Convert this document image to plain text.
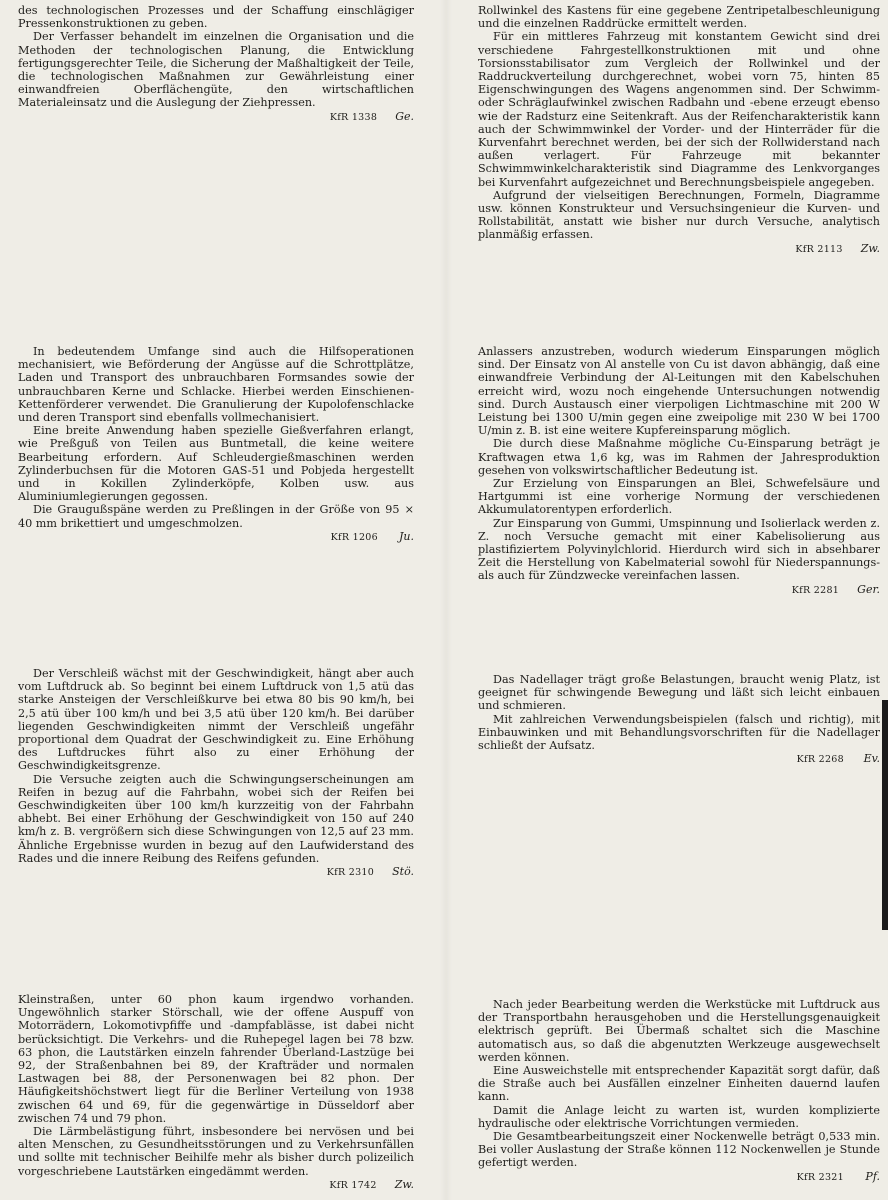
des technologischen Prozesses und der Schaffung einschlägiger Pressenkonstruktionen zu geben.

Der Verfasser behandelt im einzelnen die Organisation und die Methoden der technologischen Planung, die Entwicklung fertigungsgerechter Teile, die Sicherung der Maßhaltigkeit der Teile, die technologischen Maßnahmen zur Gewährleistung einer einwandfreien Oberflächengüte, den wirtschaftlichen Materialeinsatz und die Auslegung der Ziehpressen.

KfR 1338 Ge.

Rollwinkel des Kastens für eine gegebene Zentripetalbeschleunigung und die einzelnen Raddrücke ermittelt werden.

Für ein mittleres Fahrzeug mit konstantem Gewicht sind drei verschiedene Fahrgestellkonstruktionen mit und ohne Torsionsstabilisator zum Vergleich der Rollwinkel und der Raddruckverteilung durchgerechnet, wobei vorn 75, hinten 85 Eigenschwingungen des Wagens angenommen sind. Der Schwimm- oder Schräglaufwinkel zwischen Radbahn und -ebene erzeugt ebenso wie der Radsturz eine Seitenkraft. Aus der Reifencharakteristik kann auch der Schwimmwinkel der Vorder- und der Hinterräder für die Kurvenfahrt berechnet werden, bei der sich der Rollwiderstand nach außen verlagert. Für Fahrzeuge mit bekannter Schwimmwinkelcharakteristik sind Diagramme des Lenkvorganges bei Kurvenfahrt aufgezeichnet und Berechnungsbeispiele angegeben.

Aufgrund der vielseitigen Berechnungen, Formeln, Diagramme usw. können Konstrukteur und Versuchsingenieur die Kurven- und Rollstabilität, anstatt wie bisher nur durch Versuche, analytisch planmäßig erfassen.

KfR 2113 Zw.

In bedeutendem Umfange sind auch die Hilfsoperationen mechanisiert, wie Beförderung der Angüsse auf die Schrottplätze, Laden und Transport des unbrauchbaren Formsandes sowie der unbrauchbaren Kerne und Schlacke. Hierbei werden Einschienen-Kettenförderer verwendet. Die Granulierung der Kupolofenschlacke und deren Transport sind ebenfalls vollmechanisiert.

Eine breite Anwendung haben spezielle Gießverfahren erlangt, wie Preßguß von Teilen aus Buntmetall, die keine weitere Bearbeitung erfordern. Auf Schleudergießmaschinen werden Zylinderbuchsen für die Motoren GAS-51 und Pobjeda hergestellt und in Kokillen Zylinderköpfe, Kolben usw. aus Aluminiumlegierungen gegossen.

Die Graugußspäne werden zu Preßlingen in der Größe von 95 × 40 mm brikettiert und umgeschmolzen.

KfR 1206 Ju.

Anlassers anzustreben, wodurch wiederum Einsparungen möglich sind. Der Einsatz von Al anstelle von Cu ist davon abhängig, daß eine einwandfreie Verbindung der Al-Leitungen mit den Kabelschuhen erreicht wird, wozu noch eingehende Untersuchungen notwendig sind. Durch Austausch einer vierpoligen Lichtmaschine mit 200 W Leistung bei 1300 U/min gegen eine zweipolige mit 230 W bei 1700 U/min z. B. ist eine weitere Kupfereinsparung möglich.

Die durch diese Maßnahme mögliche Cu-Einsparung beträgt je Kraftwagen etwa 1,6 kg, was im Rahmen der Jahresproduktion gesehen von volkswirtschaftlicher Bedeutung ist.

Zur Erzielung von Einsparungen an Blei, Schwefelsäure und Hartgummi ist eine vorherige Normung der verschiedenen Akkumulatorentypen erforderlich.

Zur Einsparung von Gummi, Umspinnung und Isolierlack werden z. Z. noch Versuche gemacht mit einer Kabelisolierung aus plastifiziertem Polyvinylchlorid. Hierdurch wird sich in absehbarer Zeit die Herstellung von Kabelmaterial sowohl für Niederspannungs- als auch für Zündzwecke vereinfachen lassen.

KfR 2281 Ger.

Der Verschleiß wächst mit der Geschwindigkeit, hängt aber auch vom Luftdruck ab. So beginnt bei einem Luftdruck von 1,5 atü das starke Ansteigen der Verschleißkurve bei etwa 80 bis 90 km/h, bei 2,5 atü über 100 km/h und bei 3,5 atü über 120 km/h. Bei darüber liegenden Geschwindigkeiten nimmt der Verschleiß ungefähr proportional dem Quadrat der Geschwindigkeit zu. Eine Erhöhung des Luftdruckes führt also zu einer Erhöhung der Geschwindigkeitsgrenze.

Die Versuche zeigten auch die Schwingungserscheinungen am Reifen in bezug auf die Fahrbahn, wobei sich der Reifen bei Geschwindigkeiten über 100 km/h kurzzeitig von der Fahrbahn abhebt. Bei einer Erhöhung der Geschwindigkeit von 150 auf 240 km/h z. B. vergrößern sich diese Schwingungen von 12,5 auf 23 mm. Ähnliche Ergebnisse wurden in bezug auf den Laufwiderstand des Rades und die innere Reibung des Reifens gefunden.

KfR 2310 Stö.

Das Nadellager trägt große Belastungen, braucht wenig Platz, ist geeignet für schwingende Bewegung und läßt sich leicht einbauen und schmieren.

Mit zahlreichen Verwendungsbeispielen (falsch und richtig), mit Einbauwinken und mit Behandlungsvorschriften für die Nadellager schließt der Aufsatz.

KfR 2268 Ev.

Kleinstraßen, unter 60 phon kaum irgendwo vorhanden. Ungewöhnlich starker Störschall, wie der offene Auspuff von Motorrädern, Lokomotivpfiffe und -dampfablässe, ist dabei nicht berücksichtigt. Die Verkehrs- und die Ruhepegel lagen bei 78 bzw. 63 phon, die Lautstärken einzeln fahrender Überland-Lastzüge bei 92, der Straßenbahnen bei 89, der Krafträder und normalen Lastwagen bei 88, der Personenwagen bei 82 phon. Der Häufigkeitshöchstwert liegt für die Berliner Verteilung von 1938 zwischen 64 und 69, für die gegenwärtige in Düsseldorf aber zwischen 74 und 79 phon.

Die Lärmbelästigung führt, insbesondere bei nervösen und bei alten Menschen, zu Gesundheitsstörungen und zu Verkehrsunfällen und sollte mit technischer Beihilfe mehr als bisher durch polizeilich vorgeschriebene Lautstärken eingedämmt werden.

KfR 1742 Zw.

Nach jeder Bearbeitung werden die Werkstücke mit Luftdruck aus der Transportbahn herausgehoben und die Herstellungsgenauigkeit elektrisch geprüft. Bei Übermaß schaltet sich die Maschine automatisch aus, so daß die abgenutzten Werkzeuge ausgewechselt werden können.

Eine Ausweichstelle mit entsprechender Kapazität sorgt dafür, daß die Straße auch bei Ausfällen einzelner Einheiten dauernd laufen kann.

Damit die Anlage leicht zu warten ist, wurden komplizierte hydraulische oder elektrische Vorrichtungen vermieden.

Die Gesamtbearbeitungszeit einer Nockenwelle beträgt 0,533 min. Bei voller Auslastung der Straße können 112 Nockenwellen je Stunde gefertigt werden.

KfR 2321	Pf.
